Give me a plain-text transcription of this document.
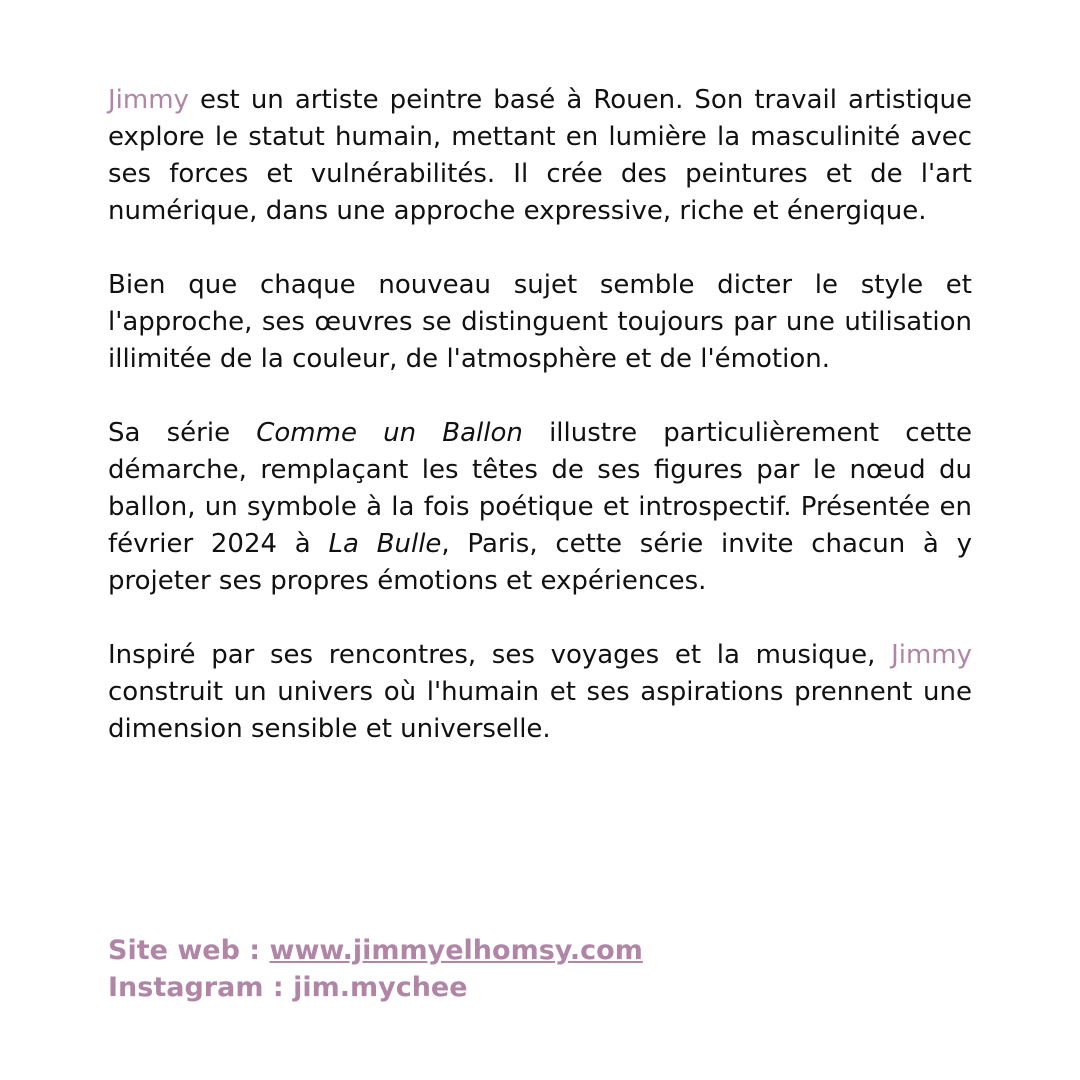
Jimmy est un artiste peintre basé à Rouen. Son travail artistique explore le statut humain, mettant en lumière la masculinité avec ses forces et vulnérabilités. Il crée des peintures et de l'art numérique, dans une approche expressive, riche et énergique.

Bien que chaque nouveau sujet semble dicter le style et l'approche, ses œuvres se distinguent toujours par une utilisation illimitée de la couleur, de l'atmosphère et de l'émotion.

Sa série Comme un Ballon illustre particulièrement cette démarche, remplaçant les têtes de ses figures par le nœud du ballon, un symbole à la fois poétique et introspectif. Présentée en février 2024 à La Bulle, Paris, cette série invite chacun à y projeter ses propres émotions et expériences.

Inspiré par ses rencontres, ses voyages et la musique, Jimmy construit un univers où l'humain et ses aspirations prennent une dimension sensible et universelle.

Site web : www.jimmyelhomsy.com
Instagram : jim.mychee
